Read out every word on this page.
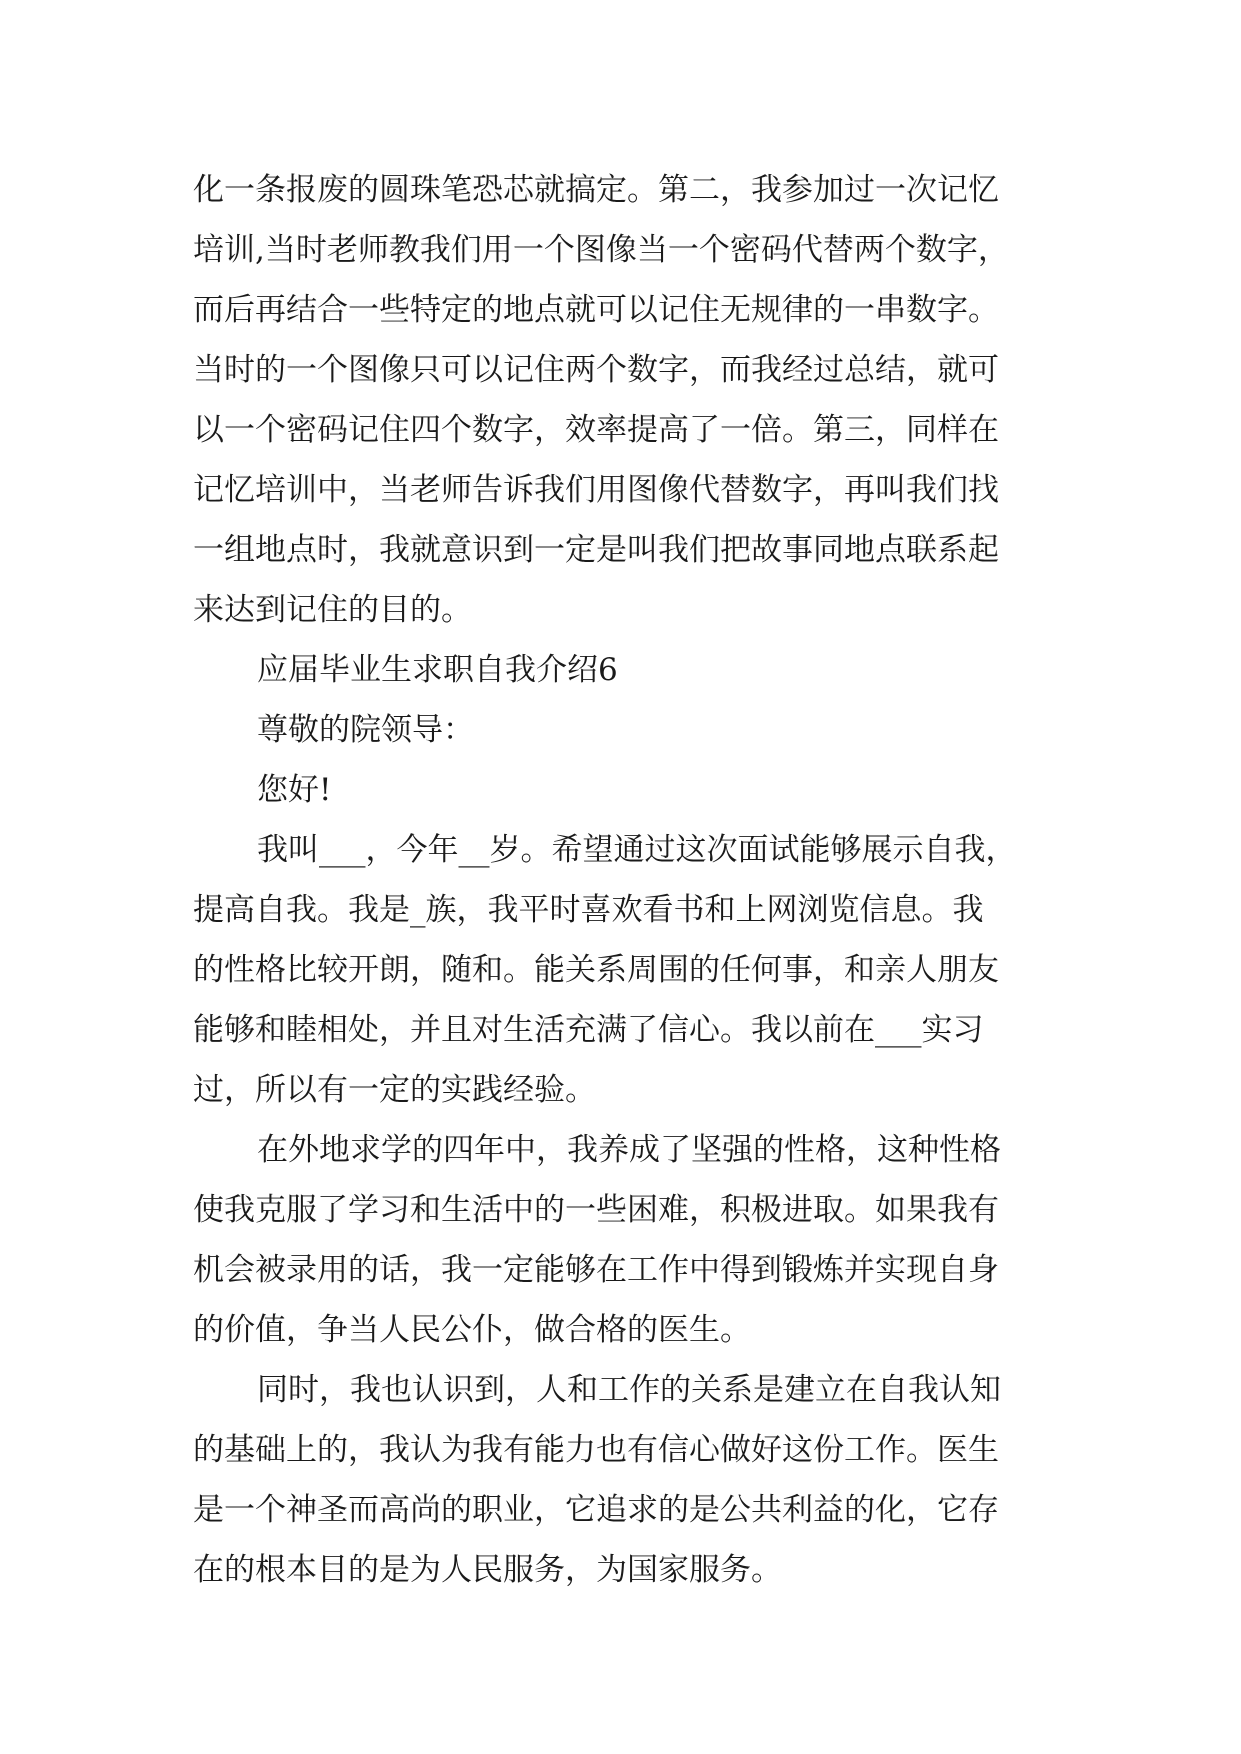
化一条报废的圆珠笔恐芯就搞定。第二，我参加过一次记忆
培训,当时老师教我们用一个图像当一个密码代替两个数字，
而后再结合一些特定的地点就可以记住无规律的一串数字。
当时的一个图像只可以记住两个数字，而我经过总结，就可
以一个密码记住四个数字，效率提高了一倍。第三，同样在
记忆培训中，当老师告诉我们用图像代替数字，再叫我们找
一组地点时，我就意识到一定是叫我们把故事同地点联系起
来达到记住的目的。
应届毕业生求职自我介绍6
尊敬的院领导：
您好!
我叫___，今年__岁。希望通过这次面试能够展示自我，
提高自我。我是_族，我平时喜欢看书和上网浏览信息。我
的性格比较开朗，随和。能关系周围的任何事，和亲人朋友
能够和睦相处，并且对生活充满了信心。我以前在___实习
过，所以有一定的实践经验。
在外地求学的四年中，我养成了坚强的性格，这种性格
使我克服了学习和生活中的一些困难，积极进取。如果我有
机会被录用的话，我一定能够在工作中得到锻炼并实现自身
的价值，争当人民公仆，做合格的医生。
同时，我也认识到，人和工作的关系是建立在自我认知
的基础上的，我认为我有能力也有信心做好这份工作。医生
是一个神圣而高尚的职业，它追求的是公共利益的化，它存
在的根本目的是为人民服务，为国家服务。
